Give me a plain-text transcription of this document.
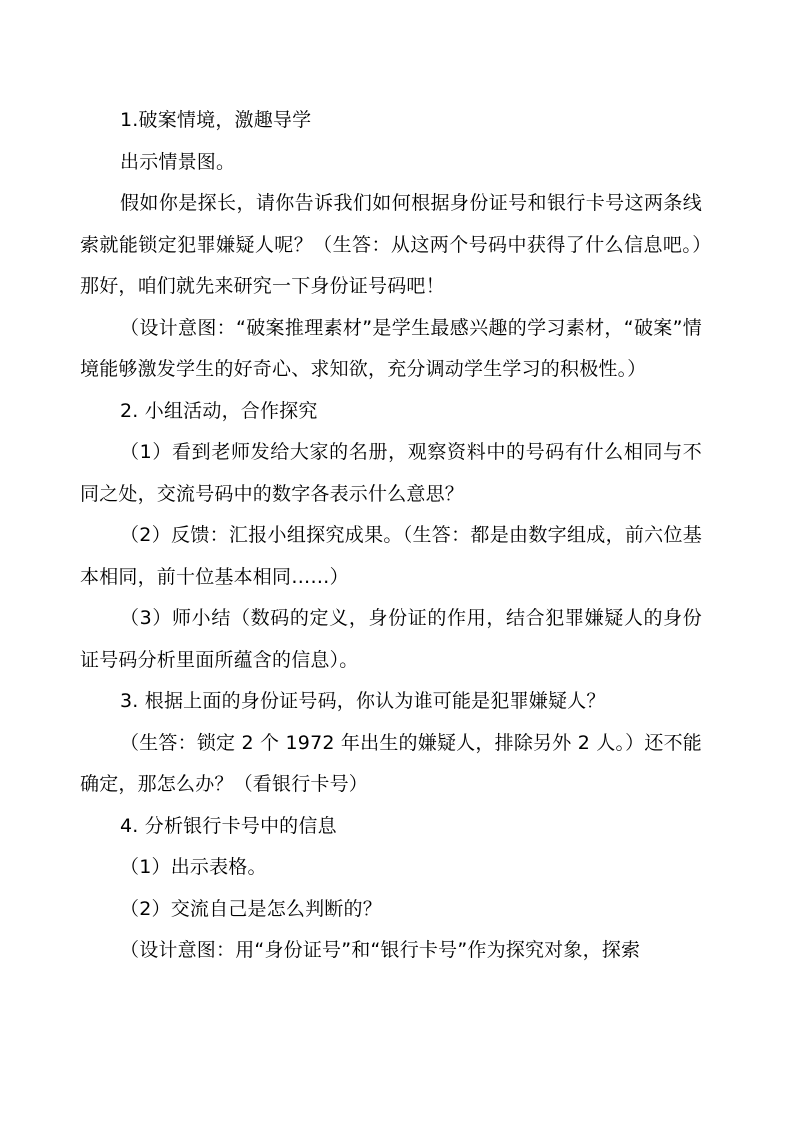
1.破案情境，激趣导学

出示情景图。

假如你是探长，请你告诉我们如何根据身份证号和银行卡号这两条线索就能锁定犯罪嫌疑人呢？（生答：从这两个号码中获得了什么信息吧。）那好，咱们就先来研究一下身份证号码吧！

（设计意图：“破案推理素材”是学生最感兴趣的学习素材，“破案”情境能够激发学生的好奇心、求知欲，充分调动学生学习的积极性。）

2. 小组活动，合作探究

（1）看到老师发给大家的名册，观察资料中的号码有什么相同与不同之处，交流号码中的数字各表示什么意思？

（2）反馈：汇报小组探究成果。（生答：都是由数字组成，前六位基本相同，前十位基本相同……）

（3）师小结（数码的定义，身份证的作用，结合犯罪嫌疑人的身份证号码分析里面所蕴含的信息）。

3. 根据上面的身份证号码，你认为谁可能是犯罪嫌疑人？

（生答：锁定 2 个 1972 年出生的嫌疑人，排除另外 2 人。）还不能确定，那怎么办？（看银行卡号）

4. 分析银行卡号中的信息

（1）出示表格。

（2）交流自己是怎么判断的？

（设计意图：用“身份证号”和“银行卡号”作为探究对象，探索
